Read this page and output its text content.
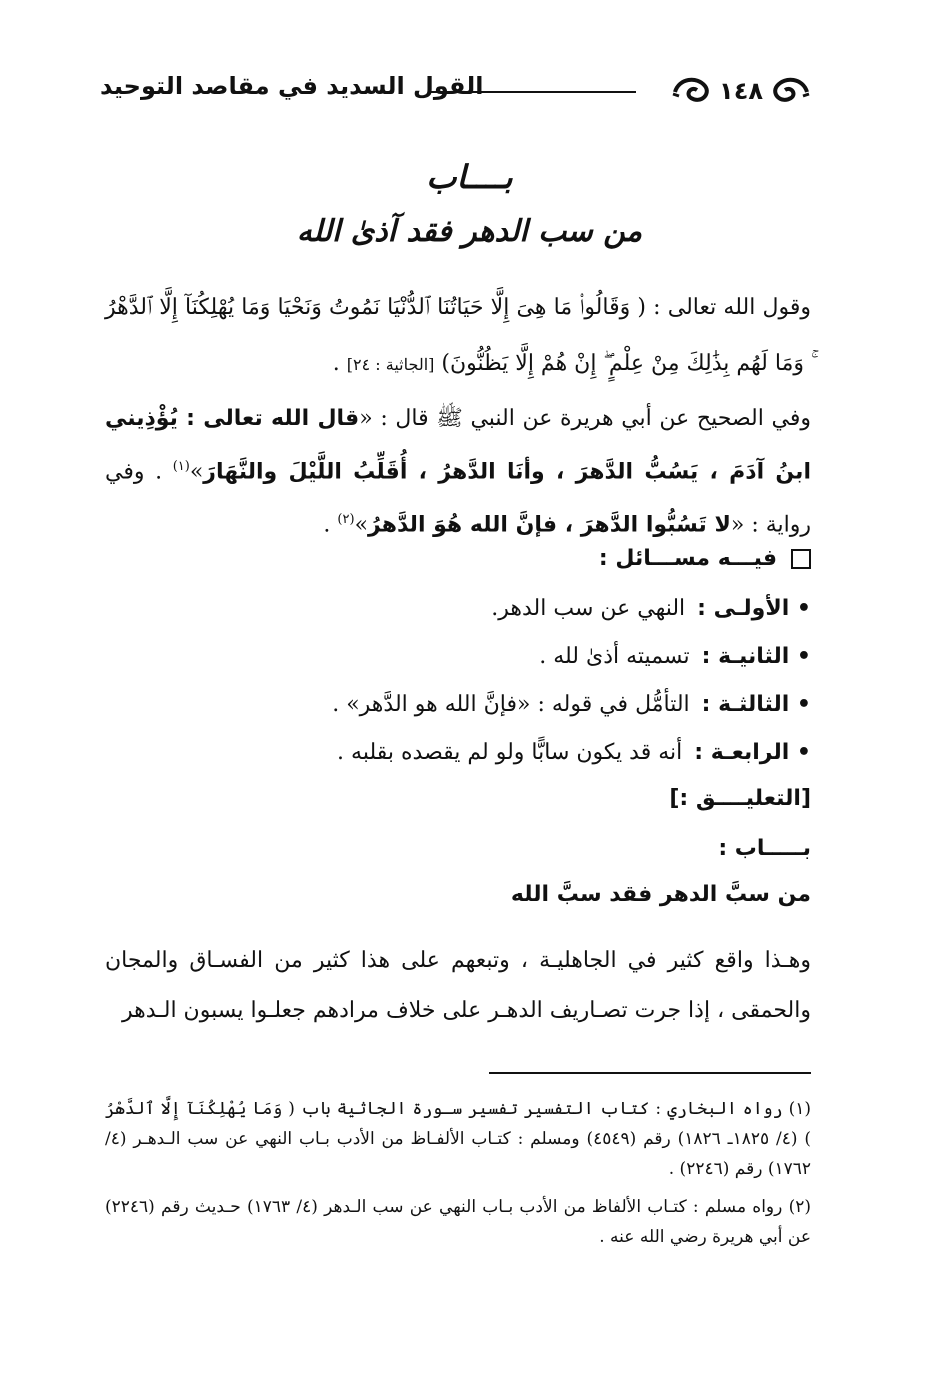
١٤٨
القول السديد في مقاصد التوحيد
بــــاب
من سب الدهر فقد آذىٰ الله
وقول الله تعالى : ( وَقَالُوا۟ مَا هِىَ إِلَّا حَيَاتُنَا ٱلدُّنْيَا نَمُوتُ وَنَحْيَا وَمَا يُهْلِكُنَآ إِلَّا ٱلدَّهْرُ ۚ وَمَا لَهُم بِذَٰلِكَ مِنْ عِلْمٍ ۖ إِنْ هُمْ إِلَّا يَظُنُّونَ) [الجاثية : ٢٤] .
وفي الصحيح عن أبي هريرة عن النبي ﷺ قال : «قال الله تعالى : يُؤْذِيني ابنُ آدَمَ ، يَسُبُّ الدَّهرَ ، وأنَا الدَّهرُ ، أُقَلِّبُ اللَّيْلَ والنَّهَارَ»$^{(١)}$ . وفي رواية : «لا تَسُبُّوا الدَّهرَ ، فإنَّ الله هُوَ الدَّهرُ»$^{(٢)}$ .
فيـــه مســـائل :
• الأولـى :
النهي عن سب الدهر.
• الثانيـة :
تسميته أذىٰ لله .
• الثالثـة :
التأمُّل في قوله : «فإنَّ الله هو الدَّهر» .
• الرابعـة :
أنه قد يكون سابًّا ولو لم يقصده بقلبه .
[التعليــــق :]
بـــــاب :
من سبَّ الدهر فقد سبَّ الله
وهـذا واقع كثير في الجاهليـة ، وتبعهم على هذا كثير من الفسـاق والمجان والحمقى ، إذا جرت تصـاريف الدهـر على خلاف مرادهم جعلـوا يسبون الـدهر
(١) رواه البخاري : كتاب التفسير تفسير سـورة الجاثية باب ( وَمَا يُهْلِكُنَآ إِلَّا ٱلدَّهْرُ ) (٤/ ١٨٢٥ـ ١٨٢٦) رقم (٤٥٤٩) ومسلم : كتـاب الألفـاظ من الأدب بـاب النهي عن سب الـدهـر (٤/ ١٧٦٢) رقم (٢٢٤٦) .
(٢) رواه مسلم : كتـاب الألفاظ من الأدب بـاب النهي عن سب الـدهر (٤/ ١٧٦٣) حـديث رقم (٢٢٤٦) عن أبي هريرة رضي الله عنه .
